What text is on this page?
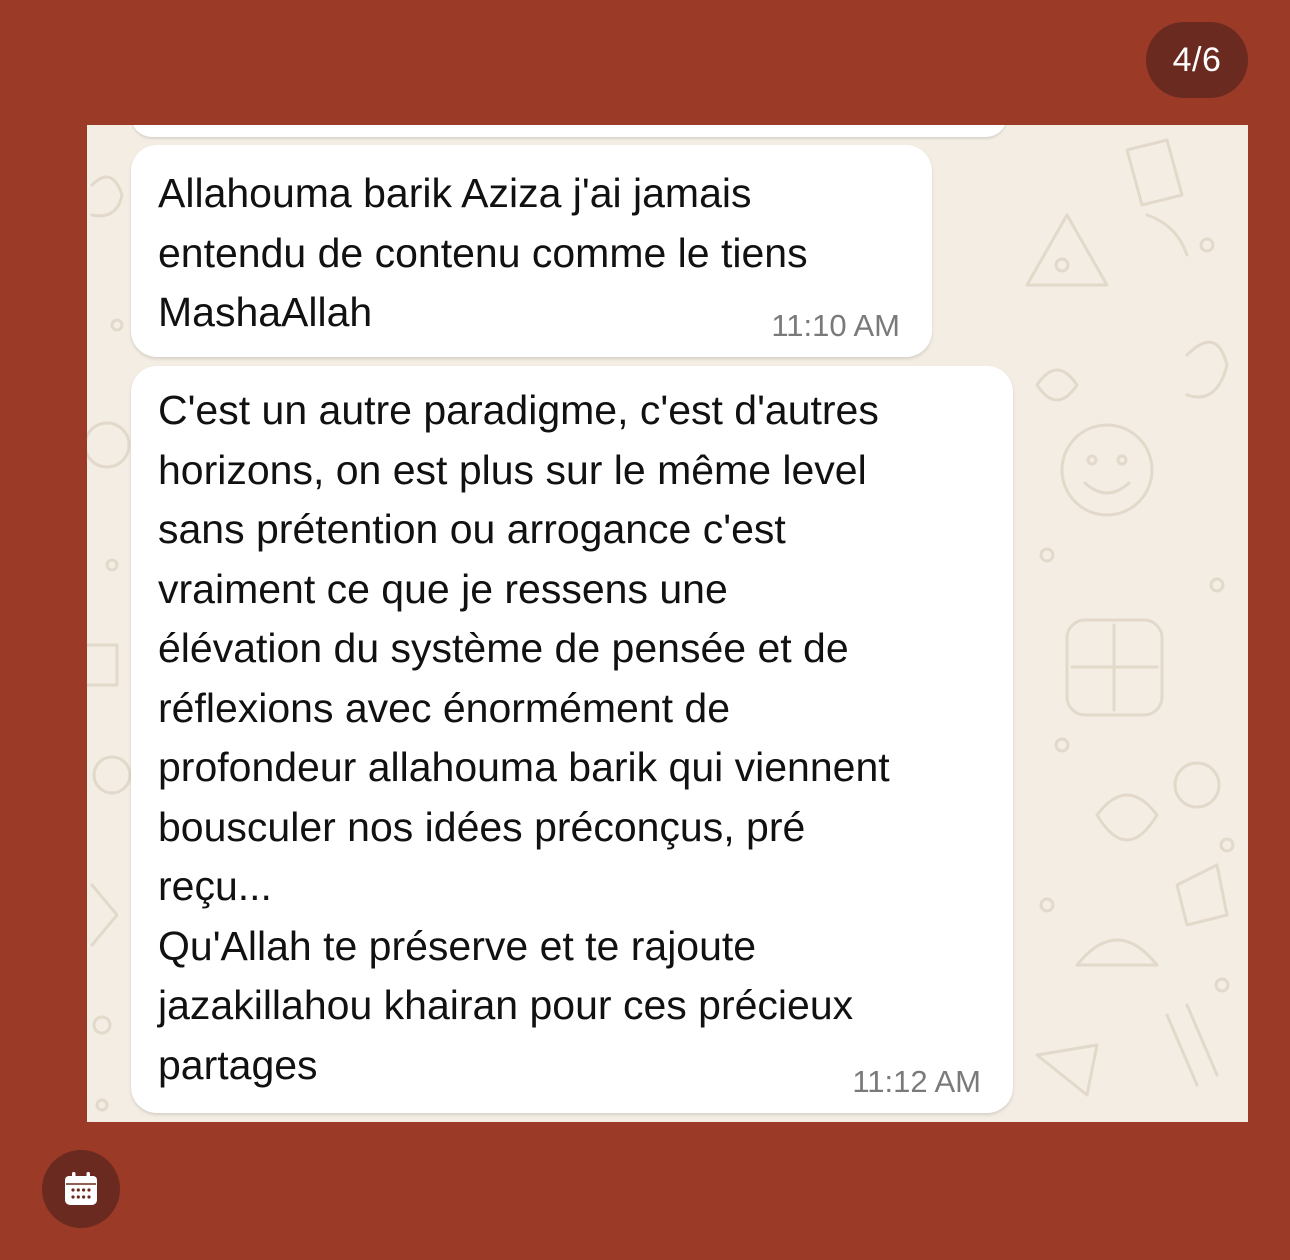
4/6
Allahouma barik Aziza j'ai jamais
entendu de contenu comme le tiens
MashaAllah	11:10 AM
C'est un autre paradigme, c'est d'autres
horizons, on est plus sur le même level
sans prétention ou arrogance c'est
vraiment ce que je ressens une
élévation du système de pensée et de
réflexions avec énormément de
profondeur allahouma barik qui viennent
bousculer nos idées préconçus, pré
reçu...
Qu'Allah te préserve et te rajoute
jazakillahou khairan pour ces précieux
partages	11:12 AM
